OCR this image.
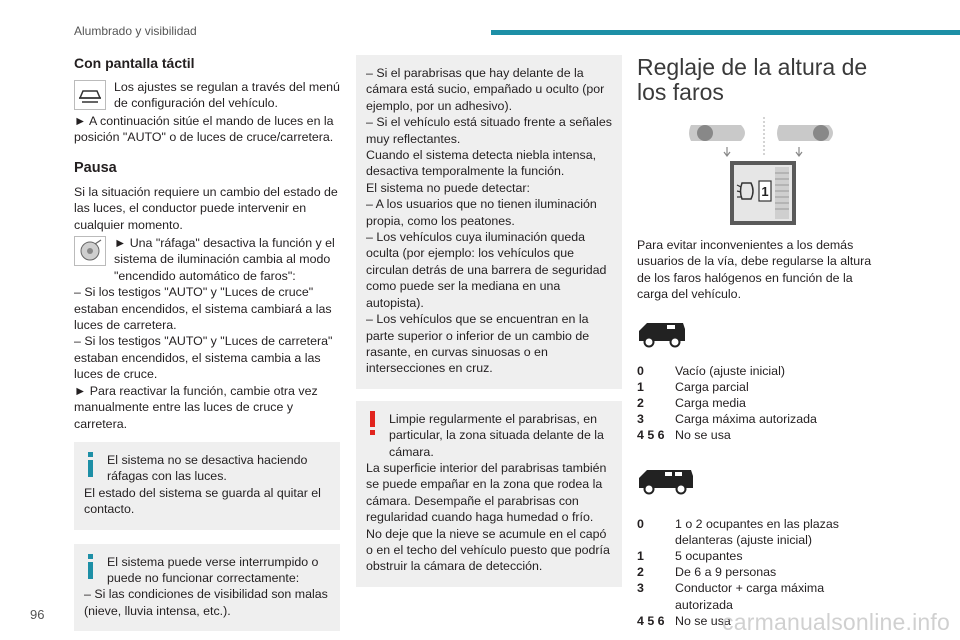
Alumbrado y visibilidad
Con pantalla táctil

Los ajustes se regulan a través del menú de configuración del vehículo.

► A continuación sitúe el mando de luces en la posición "AUTO" o de luces de cruce/carretera.

Pausa

Si la situación requiere un cambio del estado de las luces, el conductor puede intervenir en cualquier momento.

► Una "ráfaga" desactiva la función y el sistema de iluminación cambia al modo "encendido automático de faros":

– Si los testigos "AUTO" y "Luces de cruce" estaban encendidos, el sistema cambiará a las luces de carretera.

– Si los testigos "AUTO" y "Luces de carretera" estaban encendidos, el sistema cambia a las luces de cruce.

► Para reactivar la función, cambie otra vez manualmente entre las luces de cruce y carretera.

El sistema no se desactiva haciendo ráfagas con las luces.

El estado del sistema se guarda al quitar el contacto.

El sistema puede verse interrumpido o puede no funcionar correctamente:

– Si las condiciones de visibilidad son malas (nieve, lluvia intensa, etc.).

– Si el parabrisas que hay delante de la cámara está sucio, empañado u oculto (por ejemplo, por un adhesivo).

– Si el vehículo está situado frente a señales muy reflectantes.

Cuando el sistema detecta niebla intensa, desactiva temporalmente la función.

El sistema no puede detectar:

– A los usuarios que no tienen iluminación propia, como los peatones.

– Los vehículos cuya iluminación queda oculta (por ejemplo: los vehículos que circulan detrás de una barrera de seguridad como puede ser la mediana en una autopista).

– Los vehículos que se encuentran en la parte superior o inferior de un cambio de rasante, en curvas sinuosas o en intersecciones en cruz.

Limpie regularmente el parabrisas, en particular, la zona situada delante de la cámara.

La superficie interior del parabrisas también se puede empañar en la zona que rodea la cámara. Desempañe el parabrisas con regularidad cuando haga humedad o frío.

No deje que la nieve se acumule en el capó o en el techo del vehículo puesto que podría obstruir la cámara de detección.

Reglaje de la altura de los faros
1

Para evitar inconvenientes a los demás usuarios de la vía, debe regularse la altura de los faros halógenos en función de la carga del vehículo.

0	Vacío (ajuste inicial)
1	Carga parcial
2	Carga media
3	Carga máxima autorizada
4 5 6 No se usa
0	1 o 2 ocupantes en las plazas delanteras (ajuste inicial)
1	5 ocupantes
2	De 6 a 9 personas
3	Conductor + carga máxima autorizada
4 5 6 No se usa
96	carmanualsonline.info
